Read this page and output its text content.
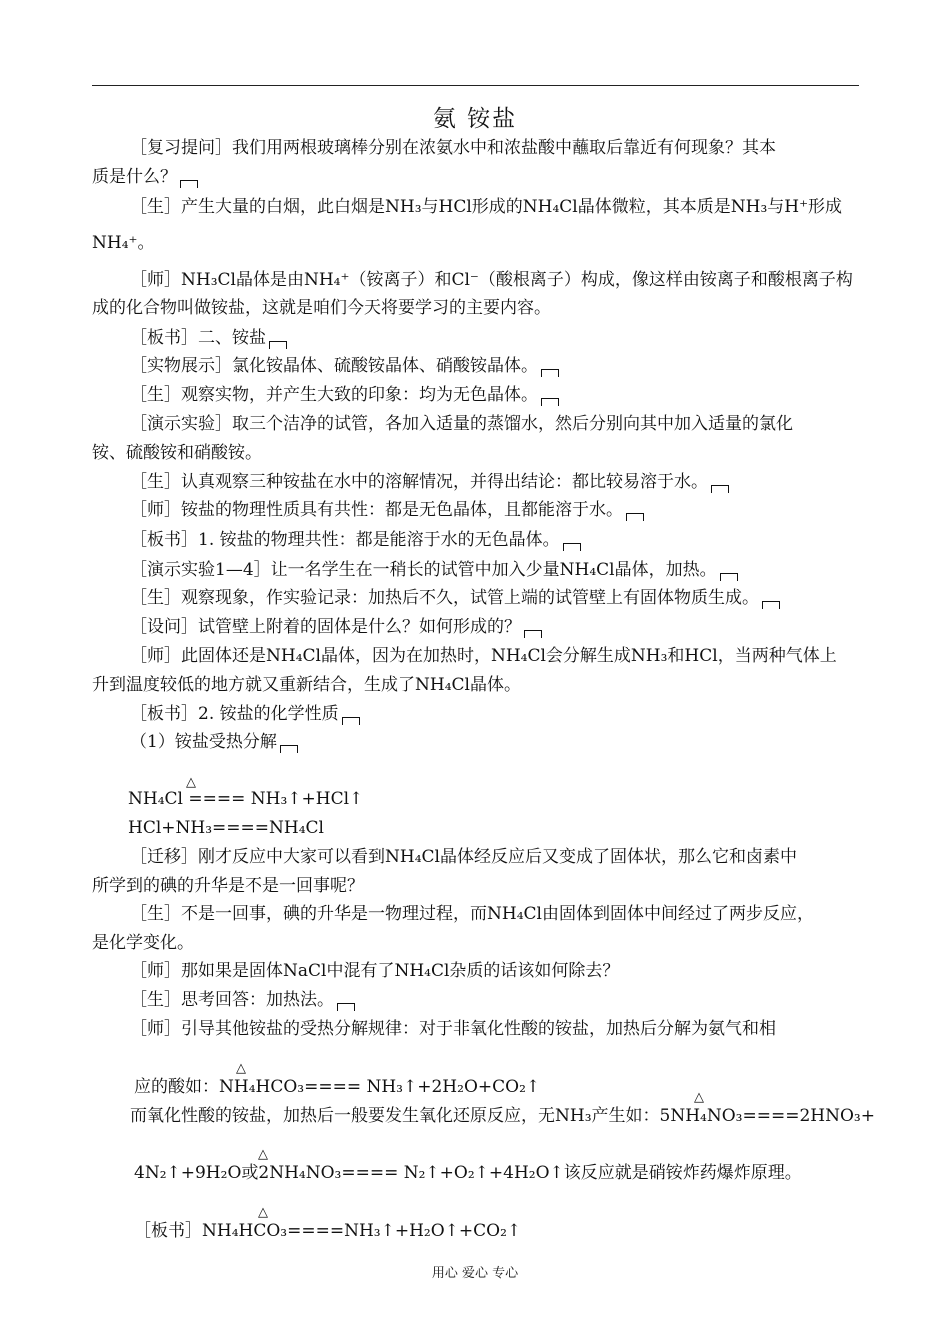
氨 铵盐
［复习提问］我们用两根玻璃棒分别在浓氨水中和浓盐酸中蘸取后靠近有何现象？其本
质是什么？
［生］产生大量的白烟，此白烟是NH₃与HCl形成的NH₄Cl晶体微粒，其本质是NH₃与H⁺形成
NH₄⁺。
［师］NH₃Cl晶体是由NH₄⁺（铵离子）和Cl⁻（酸根离子）构成，像这样由铵离子和酸根离子构
成的化合物叫做铵盐，这就是咱们今天将要学习的主要内容。
［板书］二、铵盐
［实物展示］氯化铵晶体、硫酸铵晶体、硝酸铵晶体。
［生］观察实物，并产生大致的印象：均为无色晶体。
［演示实验］取三个洁净的试管，各加入适量的蒸馏水，然后分别向其中加入适量的氯化
铵、硫酸铵和硝酸铵。
［生］认真观察三种铵盐在水中的溶解情况，并得出结论：都比较易溶于水。
［师］铵盐的物理性质具有共性：都是无色晶体，且都能溶于水。
［板书］1. 铵盐的物理共性：都是能溶于水的无色晶体。
［演示实验1—4］让一名学生在一稍长的试管中加入少量NH₄Cl晶体，加热。
［生］观察现象，作实验记录：加热后不久，试管上端的试管壁上有固体物质生成。
［设问］试管壁上附着的固体是什么？如何形成的？
［师］此固体还是NH₄Cl晶体，因为在加热时，NH₄Cl会分解生成NH₃和HCl，当两种气体上
升到温度较低的地方就又重新结合，生成了NH₄Cl晶体。
［板书］2. 铵盐的化学性质
（1）铵盐受热分解
NH₄Cl ==== NH₃↑+HCl↑
HCl+NH₃====NH₄Cl
［迁移］刚才反应中大家可以看到NH₄Cl晶体经反应后又变成了固体状，那么它和卤素中
所学到的碘的升华是不是一回事呢？
［生］不是一回事，碘的升华是一物理过程，而NH₄Cl由固体到固体中间经过了两步反应，
是化学变化。
［师］那如果是固体NaCl中混有了NH₄Cl杂质的话该如何除去？
［生］思考回答：加热法。
［师］引导其他铵盐的受热分解规律：对于非氧化性酸的铵盐，加热后分解为氨气和相
应的酸如：NH₄HCO₃==== NH₃↑+2H₂O+CO₂↑
而氧化性酸的铵盐，加热后一般要发生氧化还原反应，无NH₃产生如：5NH₄NO₃====2HNO₃+
4N₂↑+9H₂O或2NH₄NO₃==== N₂↑+O₂↑+4H₂O↑该反应就是硝铵炸药爆炸原理。
［板书］NH₄HCO₃====NH₃↑+H₂O↑+CO₂↑
△
△
△
△
△
用心 爱心 专心
